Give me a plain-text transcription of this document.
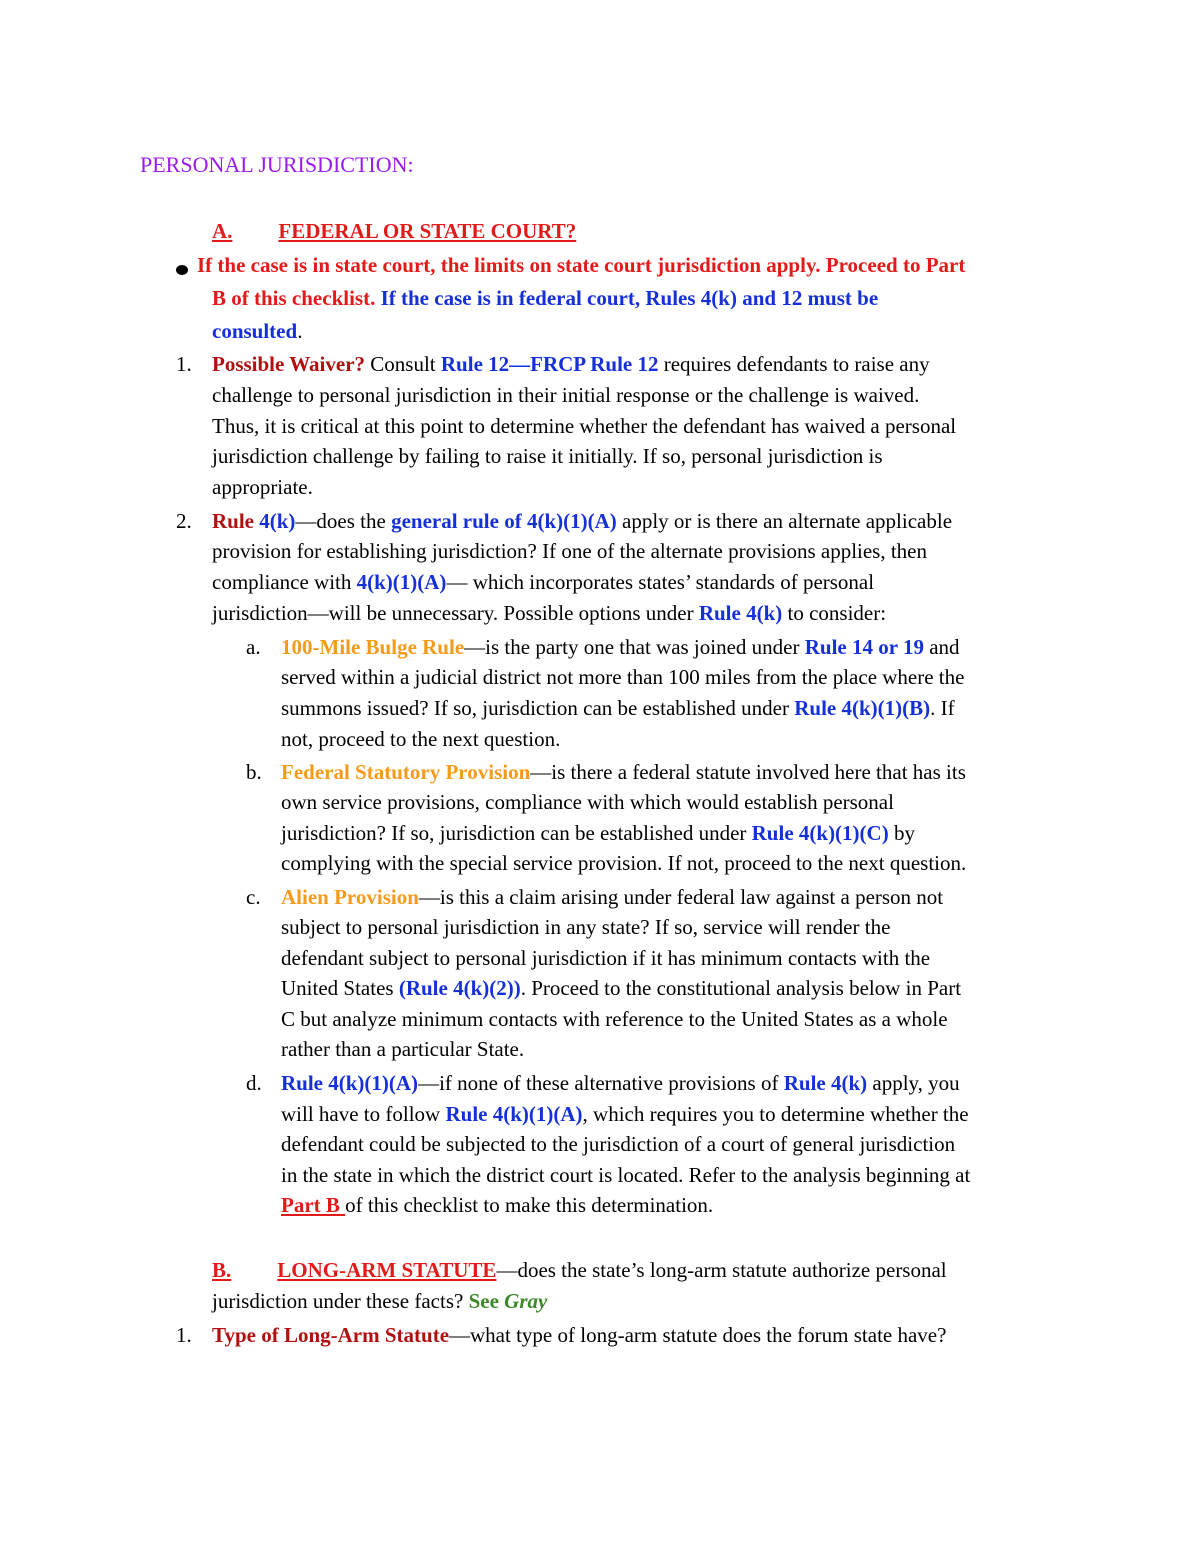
PERSONAL JURISDICTION:
A. FEDERAL OR STATE COURT?
If the case is in state court, the limits on state court jurisdiction apply. Proceed to Part
B of this checklist. If the case is in federal court, Rules 4(k) and 12 must be
consulted.
1. Possible Waiver? Consult Rule 12—FRCP Rule 12 requires defendants to raise any
challenge to personal jurisdiction in their initial response or the challenge is waived.
Thus, it is critical at this point to determine whether the defendant has waived a personal
jurisdiction challenge by failing to raise it initially. If so, personal jurisdiction is
appropriate.
2. Rule 4(k)—does the general rule of 4(k)(1)(A) apply or is there an alternate applicable
provision for establishing jurisdiction? If one of the alternate provisions applies, then
compliance with 4(k)(1)(A)— which incorporates states’ standards of personal
jurisdiction—will be unnecessary. Possible options under Rule 4(k) to consider:
a. 100-Mile Bulge Rule—is the party one that was joined under Rule 14 or 19 and
served within a judicial district not more than 100 miles from the place where the
summons issued? If so, jurisdiction can be established under Rule 4(k)(1)(B). If
not, proceed to the next question.
b. Federal Statutory Provision—is there a federal statute involved here that has its
own service provisions, compliance with which would establish personal
jurisdiction? If so, jurisdiction can be established under Rule 4(k)(1)(C) by
complying with the special service provision. If not, proceed to the next question.
c. Alien Provision—is this a claim arising under federal law against a person not
subject to personal jurisdiction in any state? If so, service will render the
defendant subject to personal jurisdiction if it has minimum contacts with the
United States (Rule 4(k)(2)). Proceed to the constitutional analysis below in Part
C but analyze minimum contacts with reference to the United States as a whole
rather than a particular State.
d. Rule 4(k)(1)(A)—if none of these alternative provisions of Rule 4(k) apply, you
will have to follow Rule 4(k)(1)(A), which requires you to determine whether the
defendant could be subjected to the jurisdiction of a court of general jurisdiction
in the state in which the district court is located. Refer to the analysis beginning at
Part B of this checklist to make this determination.
B. LONG-ARM STATUTE—does the state’s long-arm statute authorize personal
jurisdiction under these facts? See Gray
1. Type of Long-Arm Statute—what type of long-arm statute does the forum state have?
